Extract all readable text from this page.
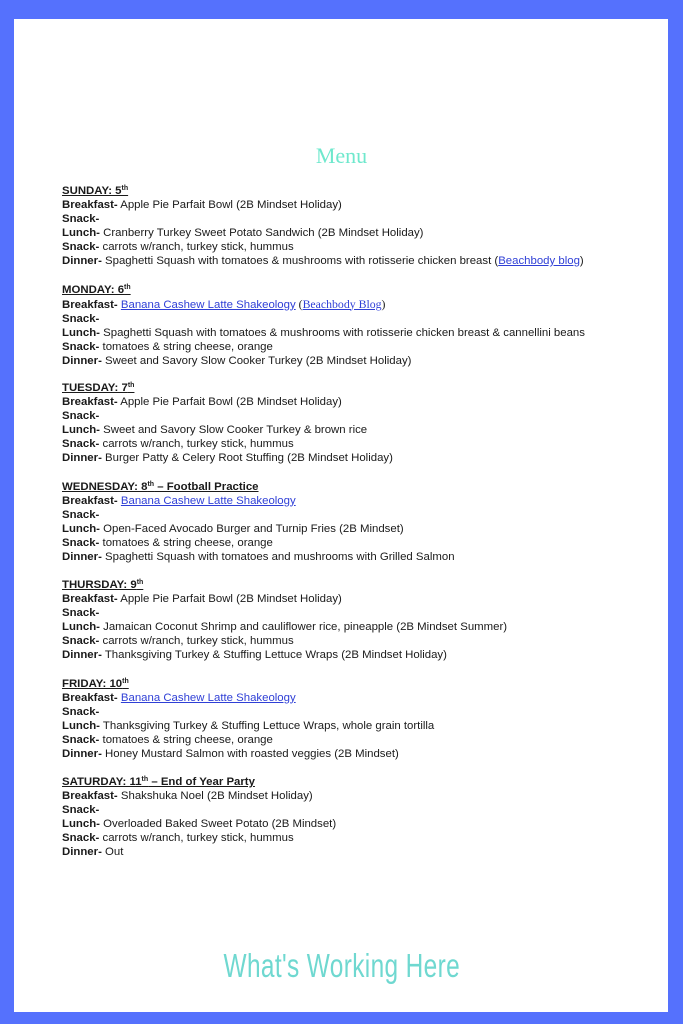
Menu
SUNDAY: 5th
Breakfast- Apple Pie Parfait Bowl (2B Mindset Holiday)
Snack-
Lunch- Cranberry Turkey Sweet Potato Sandwich (2B Mindset Holiday)
Snack- carrots w/ranch, turkey stick, hummus
Dinner- Spaghetti Squash with tomatoes & mushrooms with rotisserie chicken breast (Beachbody blog)
MONDAY: 6th
Breakfast- Banana Cashew Latte Shakeology (Beachbody Blog)
Snack-
Lunch- Spaghetti Squash with tomatoes & mushrooms with rotisserie chicken breast & cannellini beans
Snack- tomatoes & string cheese, orange
Dinner- Sweet and Savory Slow Cooker Turkey (2B Mindset Holiday)
TUESDAY: 7th
Breakfast- Apple Pie Parfait Bowl (2B Mindset Holiday)
Snack-
Lunch- Sweet and Savory Slow Cooker Turkey & brown rice
Snack- carrots w/ranch, turkey stick, hummus
Dinner- Burger Patty & Celery Root Stuffing (2B Mindset Holiday)
WEDNESDAY: 8th – Football Practice
Breakfast- Banana Cashew Latte Shakeology
Snack-
Lunch- Open-Faced Avocado Burger and Turnip Fries (2B Mindset)
Snack- tomatoes & string cheese, orange
Dinner- Spaghetti Squash with tomatoes and mushrooms with Grilled Salmon
THURSDAY: 9th
Breakfast- Apple Pie Parfait Bowl (2B Mindset Holiday)
Snack-
Lunch- Jamaican Coconut Shrimp and cauliflower rice, pineapple (2B Mindset Summer)
Snack- carrots w/ranch, turkey stick, hummus
Dinner- Thanksgiving Turkey & Stuffing Lettuce Wraps (2B Mindset Holiday)
FRIDAY: 10th
Breakfast- Banana Cashew Latte Shakeology
Snack-
Lunch- Thanksgiving Turkey & Stuffing Lettuce Wraps, whole grain tortilla
Snack- tomatoes & string cheese, orange
Dinner- Honey Mustard Salmon with roasted veggies (2B Mindset)
SATURDAY: 11th – End of Year Party
Breakfast- Shakshuka Noel (2B Mindset Holiday)
Snack-
Lunch- Overloaded Baked Sweet Potato (2B Mindset)
Snack- carrots w/ranch, turkey stick, hummus
Dinner- Out
What's Working Here
